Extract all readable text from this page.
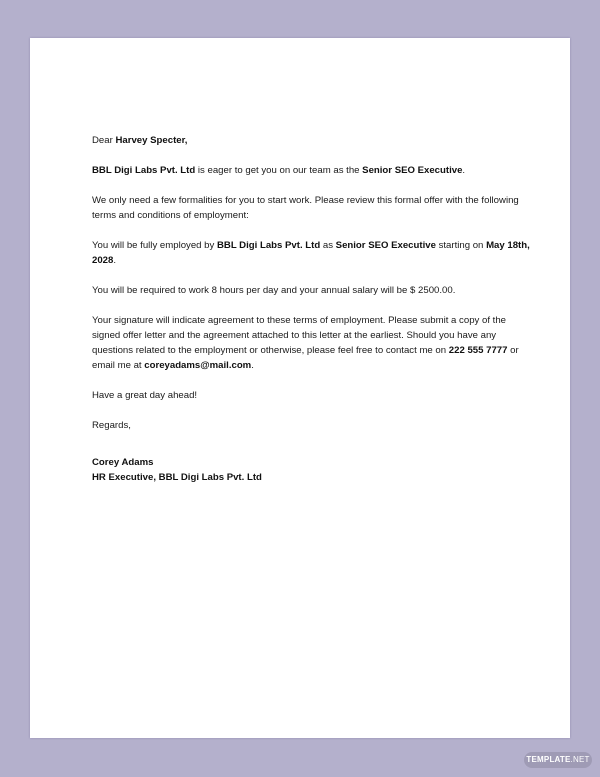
Dear Harvey Specter,

BBL Digi Labs Pvt. Ltd is eager to get you on our team as the Senior SEO Executive.

We only need a few formalities for you to start work. Please review this formal offer with the following terms and conditions of employment:

You will be fully employed by BBL Digi Labs Pvt. Ltd as Senior SEO Executive starting on May 18th, 2028.

You will be required to work 8 hours per day and your annual salary will be $ 2500.00.

Your signature will indicate agreement to these terms of employment. Please submit a copy of the signed offer letter and the agreement attached to this letter at the earliest. Should you have any questions related to the employment or otherwise, please feel free to contact me on 222 555 7777 or email me at coreyadams@mail.com.

Have a great day ahead!

Regards,

Corey Adams
HR Executive, BBL Digi Labs Pvt. Ltd
TEMPLATE.NET
